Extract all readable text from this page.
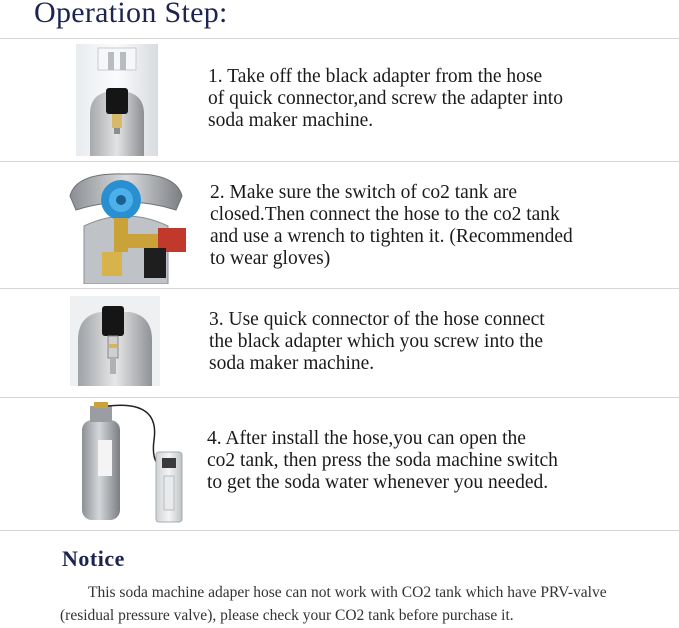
Operation Step:
1. Take off the black adapter from the hose
of quick connector,and screw the adapter into
soda maker machine.
2. Make sure the switch of co2 tank are
closed.Then connect the hose to the co2 tank
and use a wrench to tighten it. (Recommended
to wear gloves)
3. Use quick connector of the hose connect
the black adapter which you screw into the
soda maker machine.
4. After install the hose,you can open the
co2 tank, then press the soda machine switch
to get the soda water whenever you needed.
Notice
This soda machine adaper hose can not work with CO2 tank which have PRV-valve (residual pressure valve), please check your CO2 tank before purchase it.
